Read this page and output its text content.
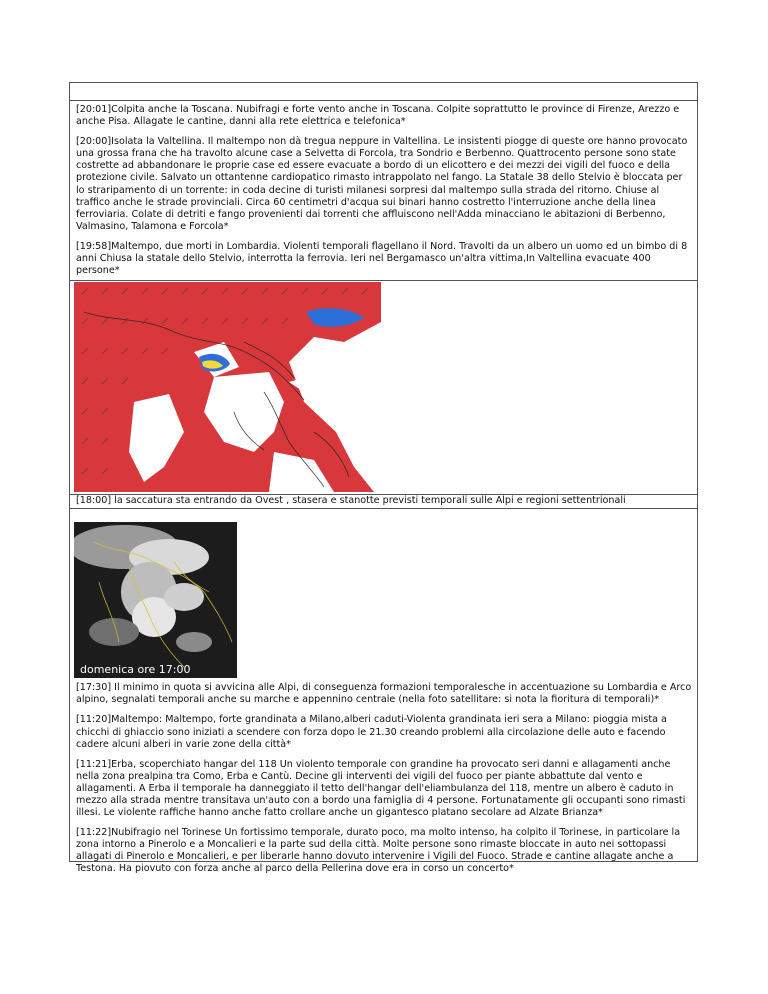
[20:01]Colpita anche la Toscana. Nubifragi e forte vento anche in Toscana. Colpite soprattutto le province di Firenze, Arezzo e anche Pisa. Allagate le cantine, danni alla rete elettrica e telefonica*

[20:00]Isolata la Valtellina. Il maltempo non dà tregua neppure in Valtellina. Le insistenti piogge di queste ore hanno provocato una grossa frana che ha travolto alcune case a Selvetta di Forcola, tra Sondrio e Berbenno. Quattrocento persone sono state costrette ad abbandonare le proprie case ed essere evacuate a bordo di un elicottero e dei mezzi dei vigili del fuoco e della protezione civile. Salvato un ottantenne cardiopatico rimasto intrappolato nel fango. La Statale 38 dello Stelvio è bloccata per lo straripamento di un torrente: in coda decine di turisti milanesi sorpresi dal maltempo sulla strada del ritorno. Chiuse al traffico anche le strade provinciali. Circa 60 centimetri d'acqua sui binari hanno costretto l'interruzione anche della linea ferroviaria. Colate di detriti e fango provenienti dai torrenti che affluiscono nell'Adda minacciano le abitazioni di Berbenno, Valmasino, Talamona e Forcola*

[19:58]Maltempo, due morti in Lombardia. Violenti temporali flagellano il Nord. Travolti da un albero un uomo ed un bimbo di 8 anni Chiusa la statale dello Stelvio, interrotta la ferrovia. Ieri nel Bergamasco un'altra vittima,In Valtellina evacuate 400 persone*

[18:00] la saccatura sta entrando da Ovest , stasera e stanotte previsti temporali sulle Alpi e regioni settentrionali
domenica ore 17:00

[17:30] Il minimo in quota si avvicina alle Alpi, di conseguenza formazioni temporalesche in accentuazione su Lombardia e Arco alpino, segnalati temporali anche su marche e appennino centrale (nella foto satellitare: si nota la fioritura di temporali)*

[11:20]Maltempo: Maltempo, forte grandinata a Milano,alberi caduti-Violenta grandinata ieri sera a Milano: pioggia mista a chicchi di ghiaccio sono iniziati a scendere con forza dopo le 21.30 creando problemi alla circolazione delle auto e facendo cadere alcuni alberi in varie zone della città*

[11:21]Erba, scoperchiato hangar del 118 Un violento temporale con grandine ha provocato seri danni e allagamenti anche nella zona prealpina tra Como, Erba e Cantù. Decine gli interventi dei vigili del fuoco per piante abbattute dal vento e allagamenti. A Erba il temporale ha danneggiato il tetto dell'hangar dell'eliambulanza del 118, mentre un albero è caduto in mezzo alla strada mentre transitava un'auto con a bordo una famiglia di 4 persone. Fortunatamente gli occupanti sono rimasti illesi. Le violente raffiche hanno anche fatto crollare anche un gigantesco platano secolare ad Alzate Brianza*

[11:22]Nubifragio nel Torinese Un fortissimo temporale, durato poco, ma molto intenso, ha colpito il Torinese, in particolare la zona intorno a Pinerolo e a Moncalieri e la parte sud della città. Molte persone sono rimaste bloccate in auto nei sottopassi allagati di Pinerolo e Moncalieri, e per liberarle hanno dovuto intervenire i Vigili del Fuoco. Strade e cantine allagate anche a Testona. Ha piovuto con forza anche al parco della Pellerina dove era in corso un concerto*
